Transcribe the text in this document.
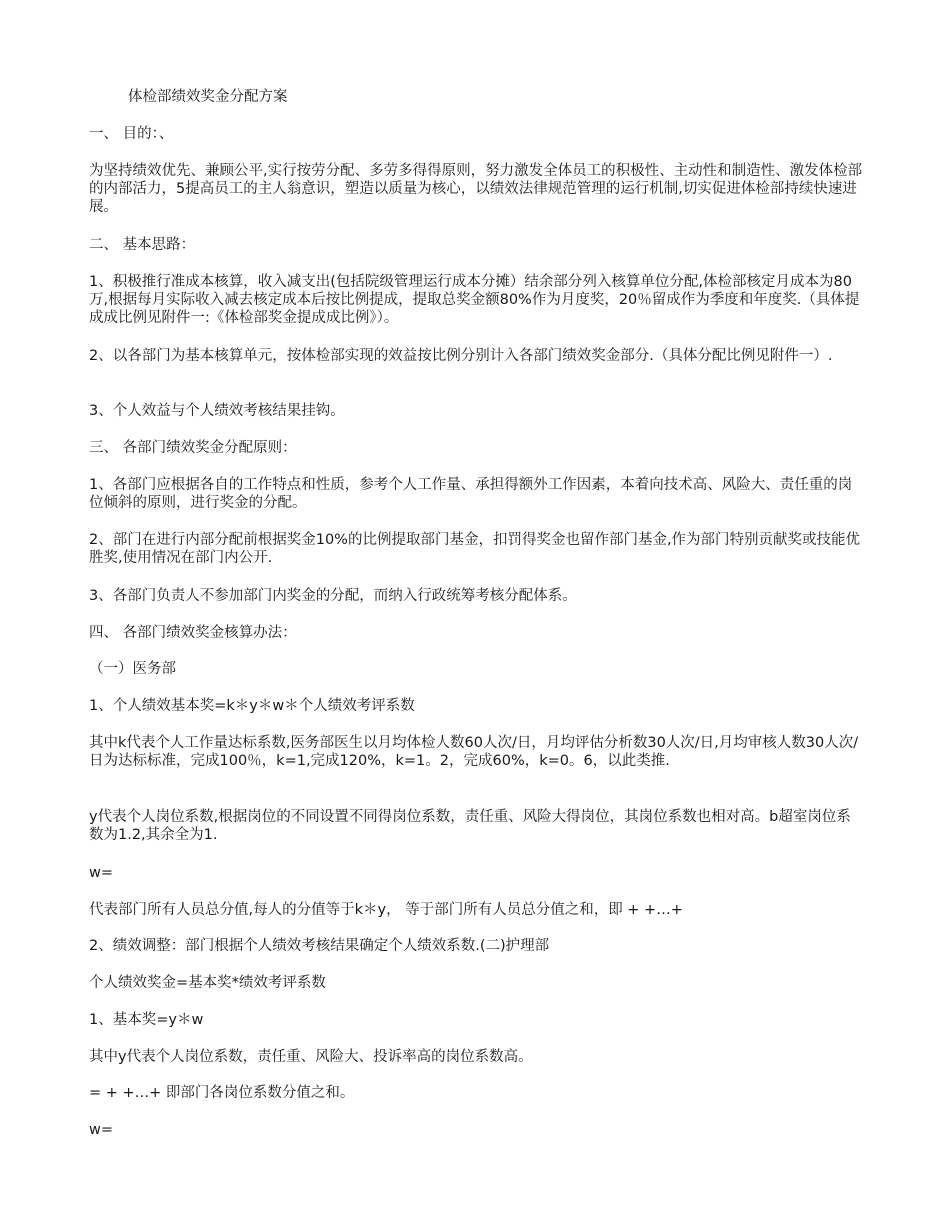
体检部绩效奖金分配方案

一、 目的：、

为坚持绩效优先、兼顾公平,实行按劳分配、多劳多得得原则，努力激发全体员工的积极性、主动性和制造性、激发体检部的内部活力，5提高员工的主人翁意识，塑造以质量为核心，以绩效法律规范管理的运行机制,切实促进体检部持续快速进展。

二、 基本思路：

1、积极推行准成本核算，收入减支出(包括院级管理运行成本分摊）结余部分列入核算单位分配,体检部核定月成本为80万,根据每月实际收入减去核定成本后按比例提成，提取总奖金额80%作为月度奖，20％留成作为季度和年度奖.（具体提成成比例见附件一:《体检部奖金提成成比例》）。

2、以各部门为基本核算单元，按体检部实现的效益按比例分别计入各部门绩效奖金部分.（具体分配比例见附件一）.

3、个人效益与个人绩效考核结果挂钩。

三、 各部门绩效奖金分配原则：

1、各部门应根据各自的工作特点和性质，参考个人工作量、承担得额外工作因素，本着向技术高、风险大、责任重的岗位倾斜的原则，进行奖金的分配。

2、部门在进行内部分配前根据奖金10%的比例提取部门基金，扣罚得奖金也留作部门基金,作为部门特别贡献奖或技能优胜奖,使用情况在部门内公开.

3、各部门负责人不参加部门内奖金的分配，而纳入行政统筹考核分配体系。

四、 各部门绩效奖金核算办法：

（一）医务部

1、个人绩效基本奖=k＊y＊w＊个人绩效考评系数

其中k代表个人工作量达标系数,医务部医生以月均体检人数60人次/日，月均评估分析数30人次/日,月均审核人数30人次/日为达标标准，完成100％，k=1,完成120%，k=1。2，完成60%，k=0。6，以此类推.

y代表个人岗位系数,根据岗位的不同设置不同得岗位系数，责任重、风险大得岗位，其岗位系数也相对高。b超室岗位系数为1.2,其余全为1.

w=

代表部门所有人员总分值,每人的分值等于k＊y， 等于部门所有人员总分值之和，即 + +…+

2、绩效调整：部门根据个人绩效考核结果确定个人绩效系数.(二)护理部

个人绩效奖金=基本奖*绩效考评系数

1、基本奖=y＊w

其中y代表个人岗位系数，责任重、风险大、投诉率高的岗位系数高。

= + +…+ 即部门各岗位系数分值之和。

w=
